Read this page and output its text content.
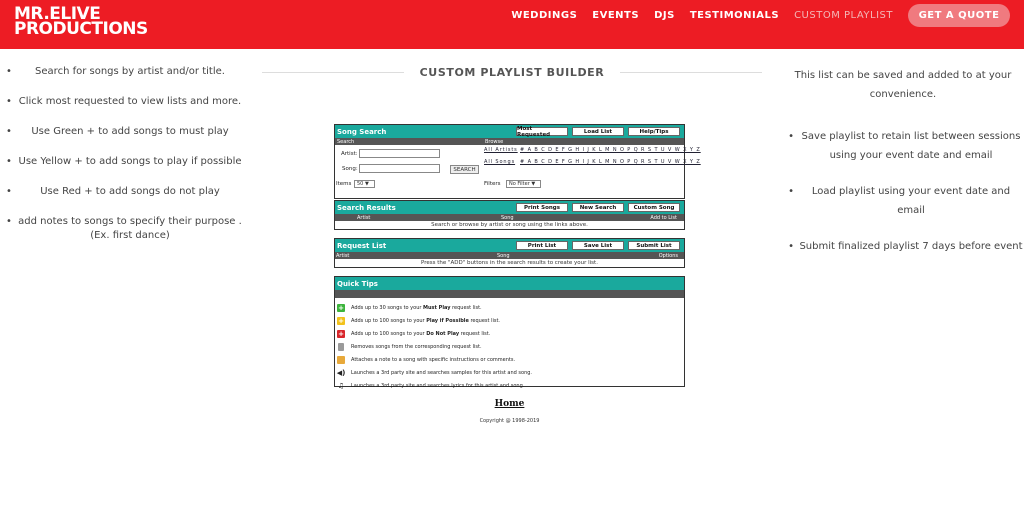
MR.ELIVE
PRODUCTIONS
WEDDINGS EVENTS DJS TESTIMONIALS CUSTOM PLAYLIST	GET A QUOTE
•	Search for songs by artist and/or title.
• Click most requested to view lists and more.
•	Use Green + to add songs to must play
• Use Yellow + to add songs to play if possible
•	Use Red + to add songs do not play
• add notes to songs to specify their purpose . (Ex. first dance)
This list can be saved and added to at your convenience.
• Save playlist to retain list between sessions using your event date and email
•	Load playlist using your event date and email
• Submit finalized playlist 7 days before event
CUSTOM PLAYLIST BUILDER
Song Search	Most Requested	Load List	Help/Tips
Search	Browse
Artist:
Song:	SEARCH
Items	50 ▼
All Artists # A B C D E F G H I J K L M N O P Q R S T U V W X Y Z
All Songs # A B C D E F G H I J K L M N O P Q R S T U V W X Y Z
Filters	No Filter ▼
Search Results	Print Songs	New Search	Custom Song
Artist	Song	Add to List
Search or browse by artist or song using the links above.
Request List	Print List	Save List	Submit List
Artist	Song	Options
Press the "ADD" buttons in the search results to create your list.
Quick Tips
+ Adds up to 30 songs to your Must Play request list.
+ Adds up to 100 songs to your Play if Possible request list.
+ Adds up to 100 songs to your Do Not Play request list.
Removes songs from the corresponding request list.
Attaches a note to a song with specific instructions or comments.
◀) Launches a 3rd party site and searches samples for this artist and song.
♫ Launches a 3rd party site and searches lyrics for this artist and song.
Home
Copyright @ 1998-2019
